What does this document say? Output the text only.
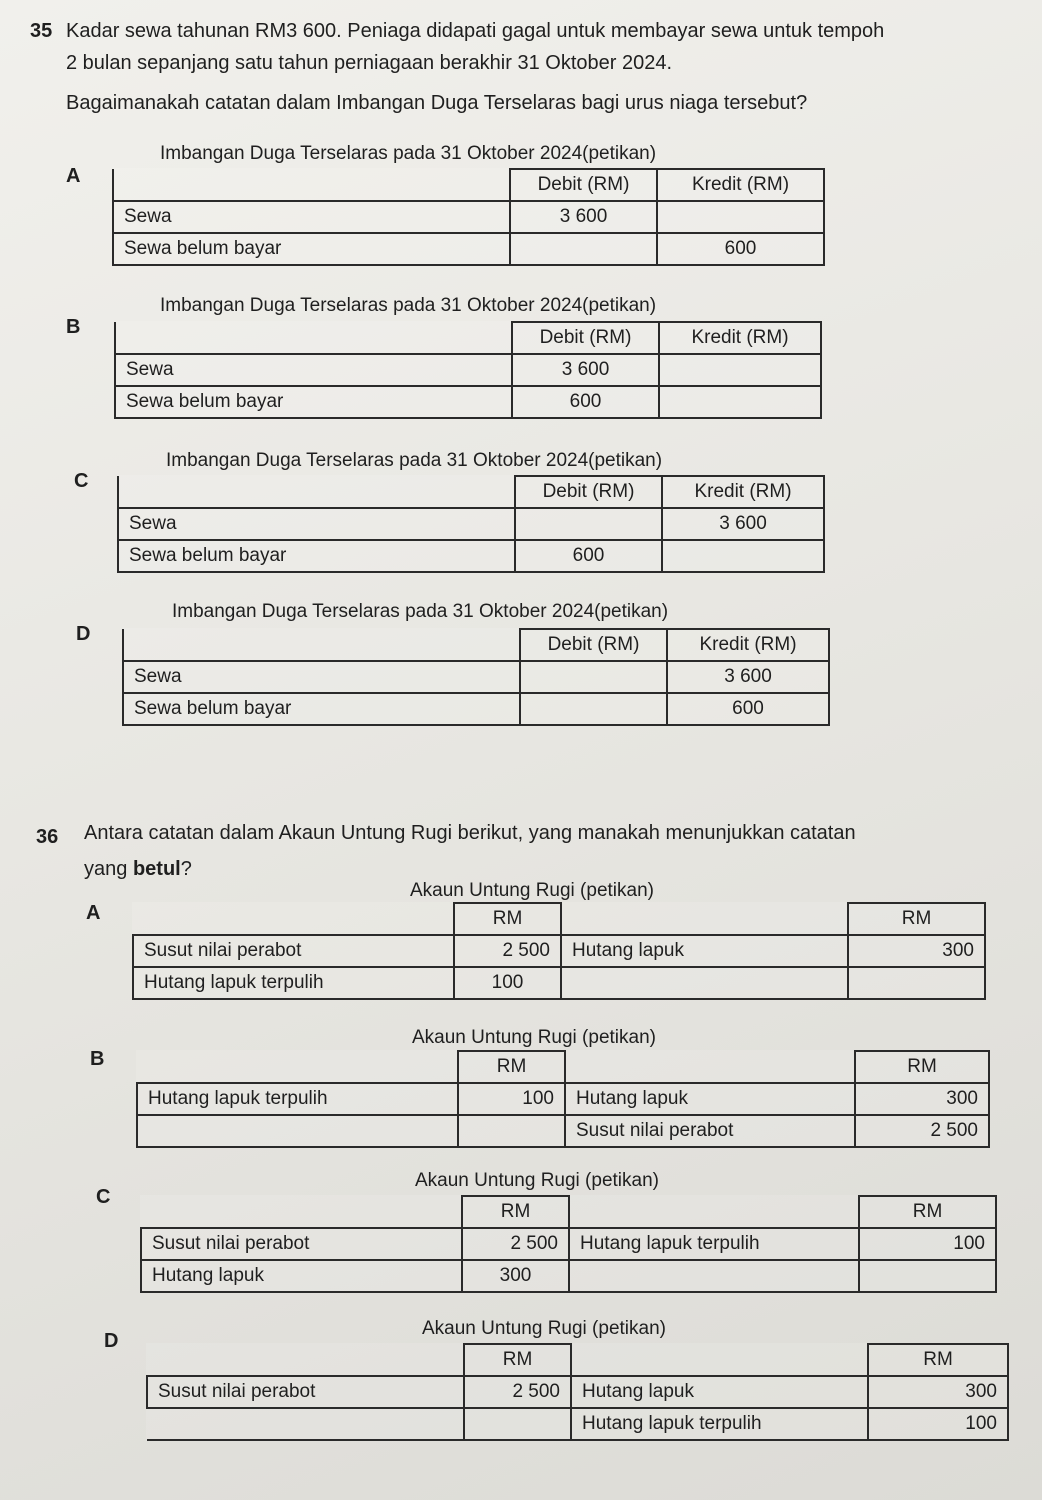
35 Kadar sewa tahunan RM3 600. Peniaga didapati gagal untuk membayar sewa untuk tempoh
2 bulan sepanjang satu tahun perniagaan berakhir 31 Oktober 2024.
Bagaimanakah catatan dalam Imbangan Duga Terselaras bagi urus niaga tersebut?
A
Imbangan Duga Terselaras pada 31 Oktober 2024(petikan)
	Debit (RM)	Kredit (RM)
Sewa	3 600	
Sewa belum bayar		600
B
Imbangan Duga Terselaras pada 31 Oktober 2024(petikan)
	Debit (RM)	Kredit (RM)
Sewa	3 600	
Sewa belum bayar	600	
C
Imbangan Duga Terselaras pada 31 Oktober 2024(petikan)
	Debit (RM)	Kredit (RM)
Sewa		3 600
Sewa belum bayar	600	
D
Imbangan Duga Terselaras pada 31 Oktober 2024(petikan)
	Debit (RM)	Kredit (RM)
Sewa		3 600
Sewa belum bayar		600
36 Antara catatan dalam Akaun Untung Rugi berikut, yang manakah menunjukkan catatan
yang betul?
A
Akaun Untung Rugi (petikan)
	RM		RM
Susut nilai perabot	2 500	Hutang lapuk	300
Hutang lapuk terpulih	100		
B
Akaun Untung Rugi (petikan)
	RM		RM
Hutang lapuk terpulih	100	Hutang lapuk	300
		Susut nilai perabot	2 500
C
Akaun Untung Rugi (petikan)
	RM		RM
Susut nilai perabot	2 500	Hutang lapuk terpulih	100
Hutang lapuk	300		
D
Akaun Untung Rugi (petikan)
	RM		RM
Susut nilai perabot	2 500	Hutang lapuk	300
		Hutang lapuk terpulih	100
